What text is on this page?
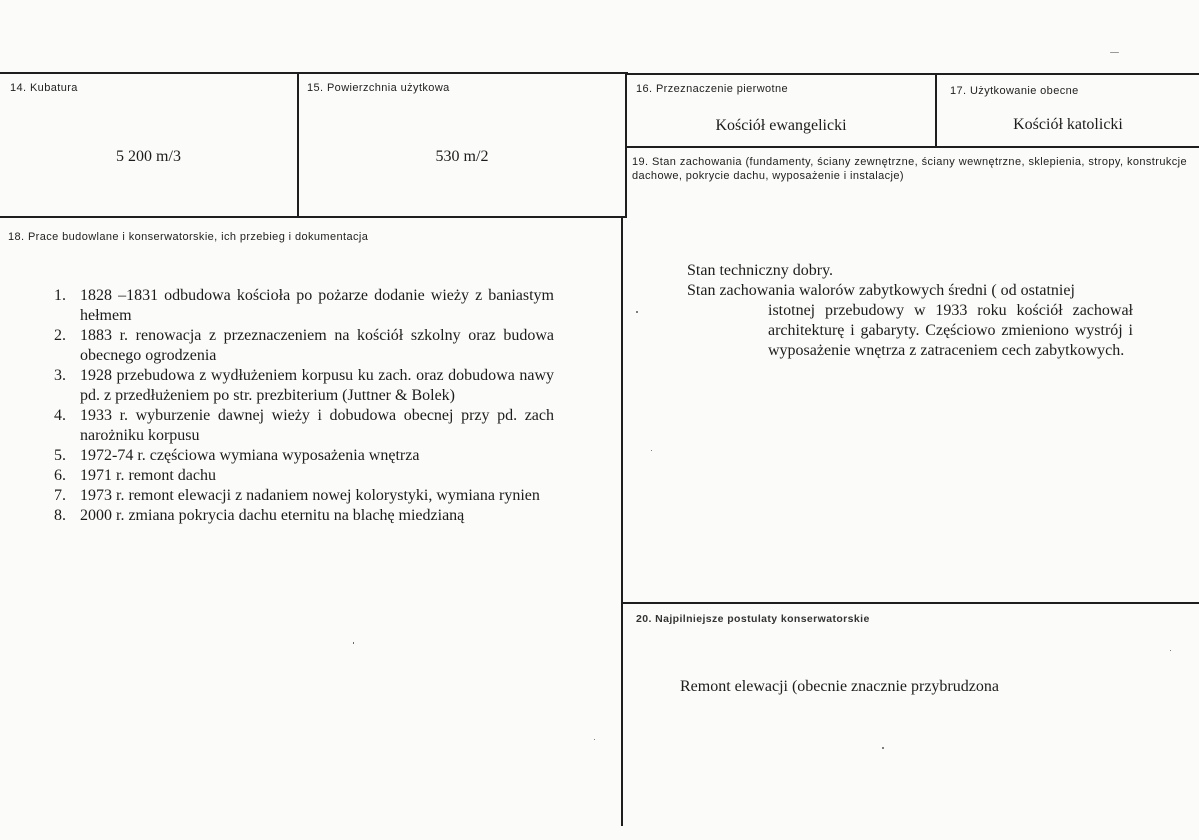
14. Kubatura
5 200 m/3
15. Powierzchnia użytkowa
530 m/2
16. Przeznaczenie pierwotne
Kościół ewangelicki
17. Użytkowanie obecne
Kościół katolicki
18. Prace budowlane i konserwatorskie, ich przebieg i dokumentacja
1. 1828 –1831 odbudowa kościoła po pożarze dodanie wieży z baniastym hełmem
2. 1883 r. renowacja z przeznaczeniem na kościół szkolny oraz budowa obecnego ogrodzenia
3. 1928 przebudowa z wydłużeniem korpusu ku zach. oraz dobudowa nawy pd. z przedłużeniem po str. prezbiterium (Juttner & Bolek)
4. 1933 r. wyburzenie dawnej wieży i dobudowa obecnej przy pd. zach narożniku korpusu
5. 1972-74 r. częściowa wymiana wyposażenia wnętrza
6. 1971 r. remont dachu
7. 1973 r. remont elewacji z nadaniem nowej kolorystyki, wymiana rynien
8. 2000 r. zmiana pokrycia dachu eternitu na blachę miedzianą
19. Stan zachowania (fundamenty, ściany zewnętrzne, ściany wewnętrzne, sklepienia, stropy, konstrukcje dachowe, pokrycie dachu, wyposażenie i instalacje)
Stan techniczny dobry.
Stan zachowania walorów zabytkowych średni ( od ostatniej
istotnej przebudowy w 1933 roku kościół zachował architekturę i gabaryty. Częściowo zmieniono wystrój i wyposażenie wnętrza z zatraceniem cech zabytkowych.
20. Najpilniejsze postulaty konserwatorskie
Remont elewacji (obecnie znacznie przybrudzona
